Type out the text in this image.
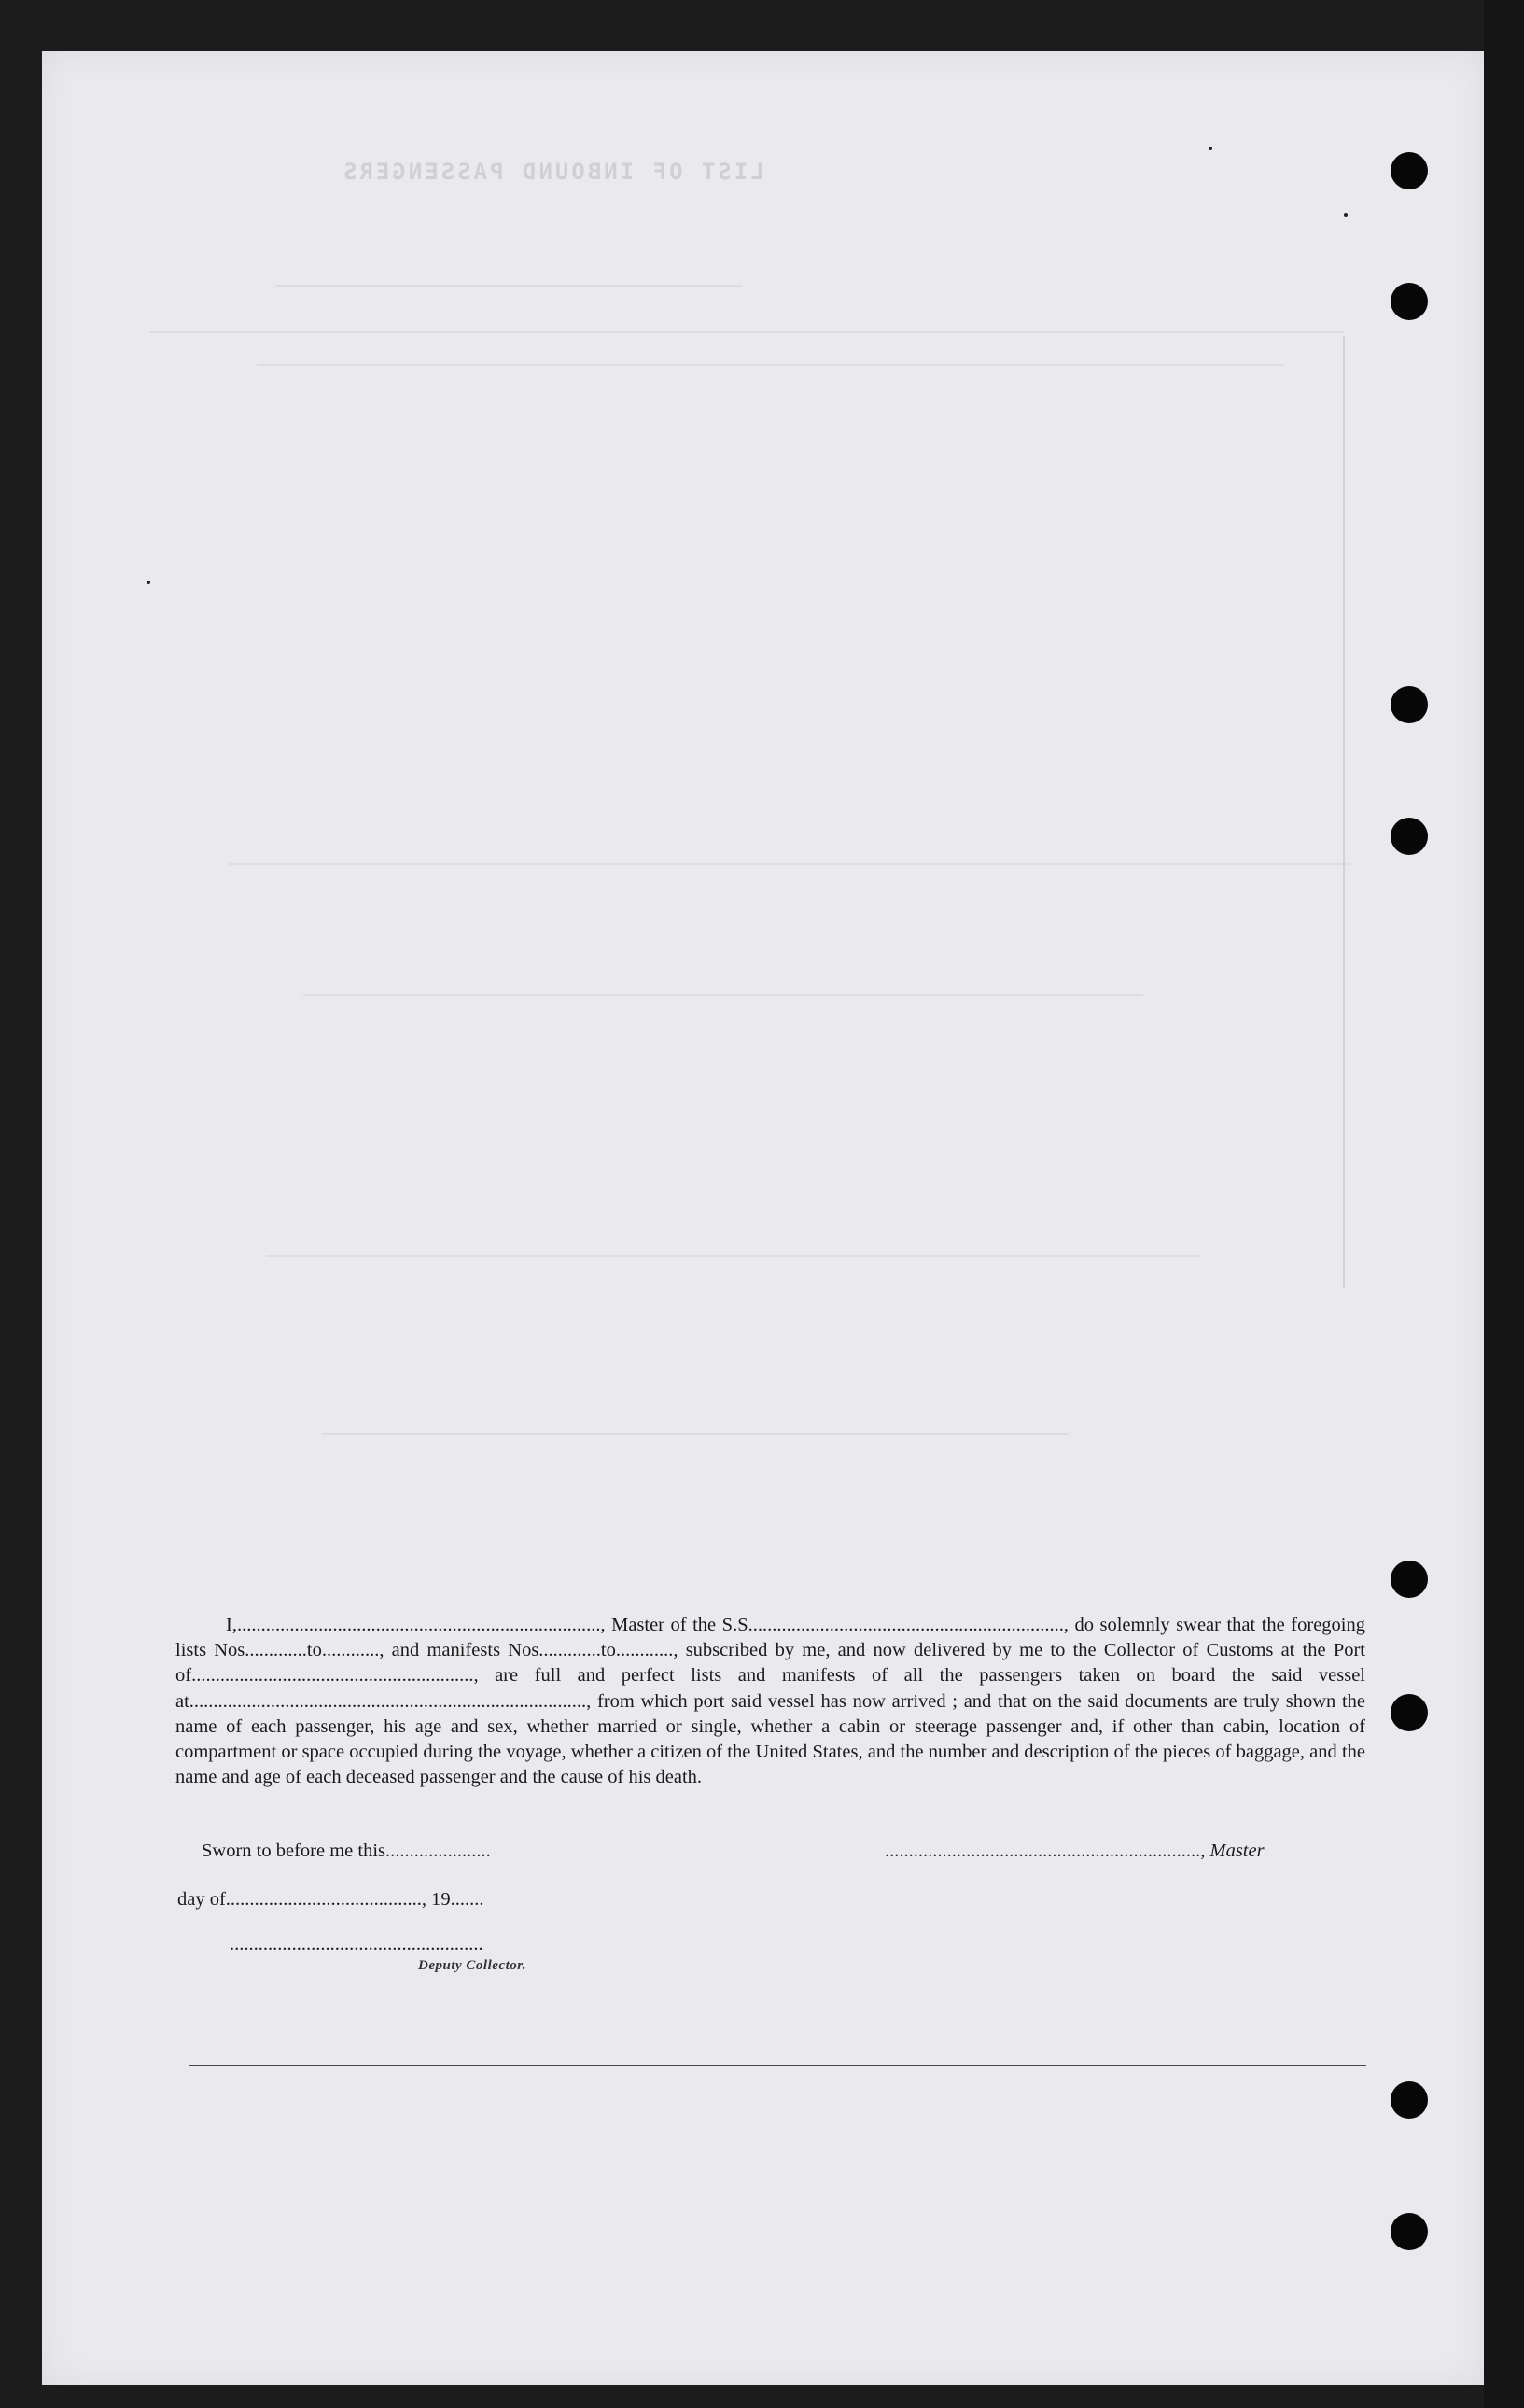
LIST OF INBOUND PASSENGERS

I,............................................................................, Master of the S.S.................................................................., do solemnly swear that the foregoing lists Nos.............to............, and manifests Nos.............to............, subscribed by me, and now delivered by me to the Collector of Customs at the Port of..........................................................., are full and perfect lists and manifests of all the passengers taken on board the said vessel at..................................................................................., from which port said vessel has now arrived ; and that on the said documents are truly shown the name of each passenger, his age and sex, whether married or single, whether a cabin or steerage passenger and, if other than cabin, location of compartment or space occupied during the voyage, whether a citizen of the United States, and the number and description of the pieces of baggage, and the name and age of each deceased passenger and the cause of his death.

Sworn to before me this......................	.................................................................., Master
day of........................................., 19.......
.....................................................
Deputy Collector.
